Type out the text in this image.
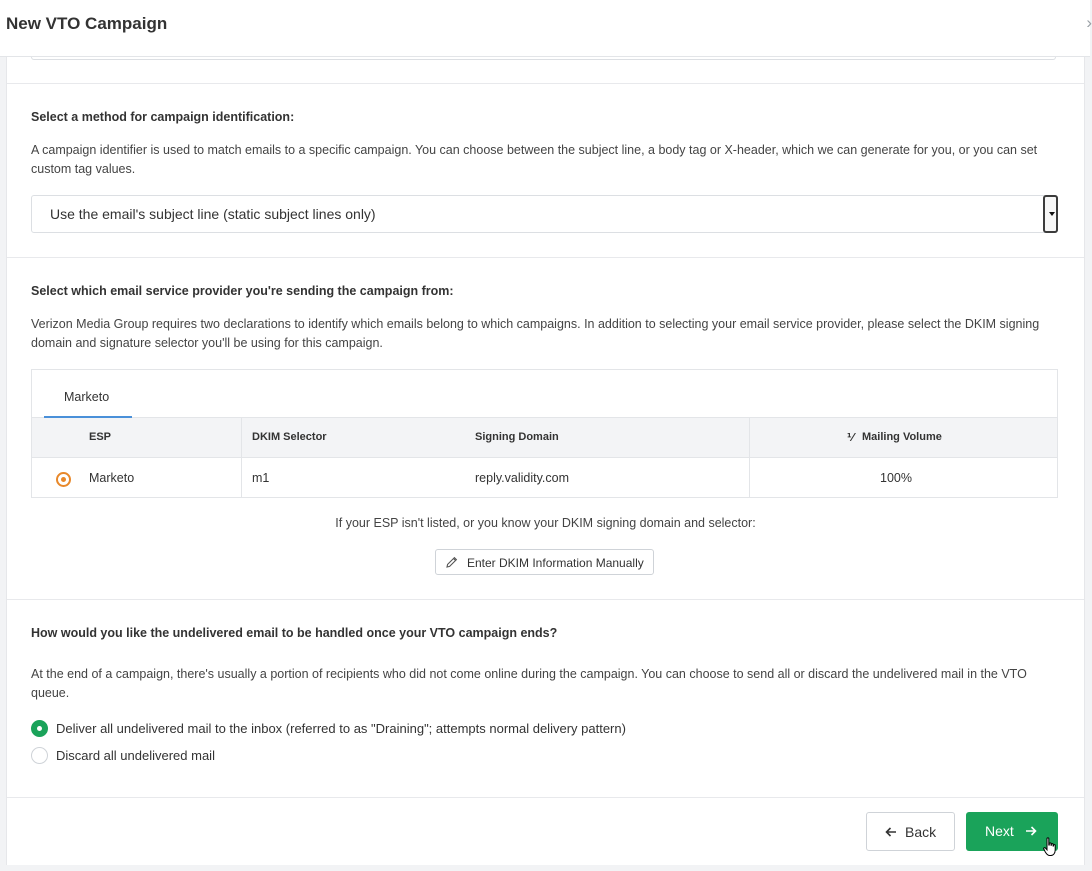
New VTO Campaign	›
Select a method for campaign identification:
A campaign identifier is used to match emails to a specific campaign. You can choose between the subject line, a body tag or X-header, which we can generate for you, or you can set custom tag values.
Use the email's subject line (static subject lines only)
Select which email service provider you're sending the campaign from:
Verizon Media Group requires two declarations to identify which emails belong to which campaigns. In addition to selecting your email service provider, please select the DKIM signing domain and signature selector you'll be using for this campaign.
Marketo
ESP	DKIM Selector	Signing Domain	⅟ Mailing Volume
Marketo	m1	reply.validity.com	100%
If your ESP isn't listed, or you know your DKIM signing domain and selector:
Enter DKIM Information Manually
How would you like the undelivered email to be handled once your VTO campaign ends?
At the end of a campaign, there's usually a portion of recipients who did not come online during the campaign. You can choose to send all or discard the undelivered mail in the VTO queue.
Deliver all undelivered mail to the inbox (referred to as "Draining"; attempts normal delivery pattern)
Discard all undelivered mail
Back	Next
